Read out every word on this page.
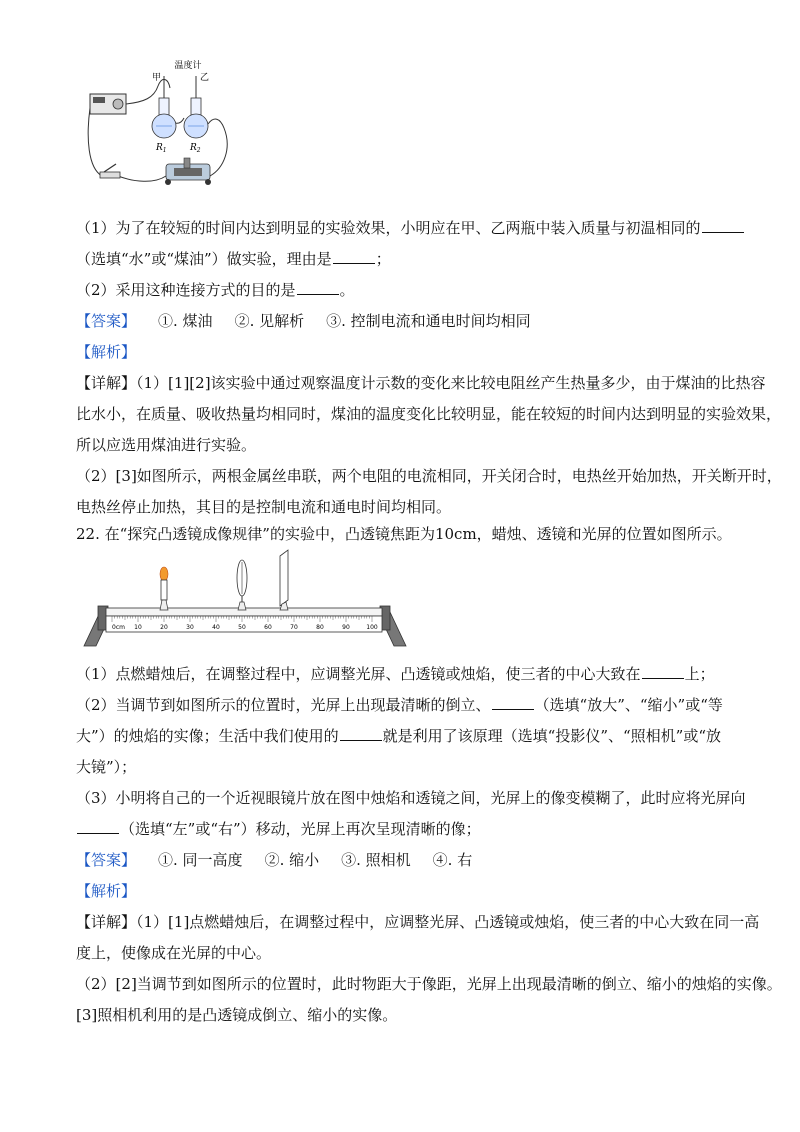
温度计
甲	乙
$R_1$	$R_2$
（1）为了在较短的时间内达到明显的实验效果，小明应在甲、乙两瓶中装入质量与初温相同的
（选填“水”或“煤油”）做实验，理由是	；
（2）采用这种连接方式的目的是	。
【答案】 ①. 煤油 ②. 见解析 ③. 控制电流和通电时间均相同
【解析】
【详解】（1）[1][2]该实验中通过观察温度计示数的变化来比较电阻丝产生热量多少，由于煤油的比热容
比水小，在质量、吸收热量均相同时，煤油的温度变化比较明显，能在较短的时间内达到明显的实验效果，
所以应选用煤油进行实验。
（2）[3]如图所示，两根金属丝串联，两个电阻的电流相同，开关闭合时，电热丝开始加热，开关断开时，
电热丝停止加热，其目的是控制电流和通电时间均相同。
22. 在“探究凸透镜成像规律”的实验中，凸透镜焦距为10cm，蜡烛、透镜和光屏的位置如图所示。
0cm 10	20	30	40	50	60	70	80	90	100
（1）点燃蜡烛后，在调整过程中，应调整光屏、凸透镜或烛焰，使三者的中心大致在	上；
（2）当调节到如图所示的位置时，光屏上出现最清晰的倒立、	（选填“放大”、“缩小”或“等
大”）的烛焰的实像；生活中我们使用的	就是利用了该原理（选填“投影仪”、“照相机”或“放
大镜”）；
（3）小明将自己的一个近视眼镜片放在图中烛焰和透镜之间，光屏上的像变模糊了，此时应将光屏向
（选填“左”或“右”）移动，光屏上再次呈现清晰的像；
【答案】 ①. 同一高度 ②. 缩小 ③. 照相机 ④. 右
【解析】
【详解】（1）[1]点燃蜡烛后，在调整过程中，应调整光屏、凸透镜或烛焰，使三者的中心大致在同一高
度上，使像成在光屏的中心。
（2）[2]当调节到如图所示的位置时，此时物距大于像距，光屏上出现最清晰的倒立、缩小的烛焰的实像。
[3]照相机利用的是凸透镜成倒立、缩小的实像。
